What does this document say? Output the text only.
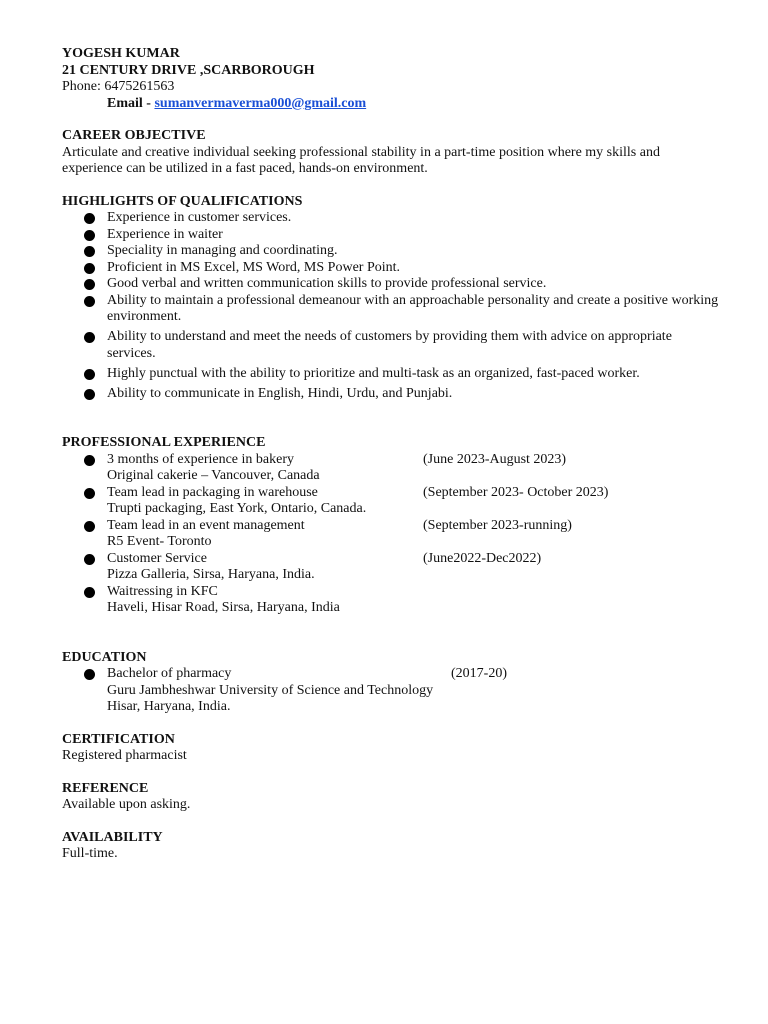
YOGESH KUMAR
21 CENTURY DRIVE ,SCARBOROUGH
Phone: 6475261563
Email - sumanvermaverma000@gmail.com
CAREER OBJECTIVE
Articulate and creative individual seeking professional stability in a part-time position where my skills and experience can be utilized in a fast paced, hands-on environment.
HIGHLIGHTS OF QUALIFICATIONS
Experience in customer services.
Experience in waiter
Speciality in managing and coordinating.
Proficient in MS Excel, MS Word, MS Power Point.
Good verbal and written communication skills to provide professional service.
Ability to maintain a professional demeanour with an approachable personality and create a positive working environment.
Ability to understand and meet the needs of customers by providing them with advice on appropriate services.
Highly punctual with the ability to prioritize and multi-task as an organized, fast-paced worker.
Ability to communicate in English, Hindi, Urdu, and Punjabi.
PROFESSIONAL EXPERIENCE
3 months of experience in bakery	(June 2023-August 2023)
Original cakerie – Vancouver, Canada
Team lead in packaging in warehouse	(September 2023- October 2023)
Trupti packaging, East York, Ontario, Canada.
Team lead in an event management	(September 2023-running)
R5 Event- Toronto
Customer Service	(June2022-Dec2022)
Pizza Galleria, Sirsa, Haryana, India.
Waitressing in KFC
Haveli, Hisar Road, Sirsa, Haryana, India
EDUCATION
Bachelor of pharmacy	(2017-20)
Guru Jambheshwar University of Science and Technology
Hisar, Haryana, India.
CERTIFICATION
Registered pharmacist
REFERENCE
Available upon asking.
AVAILABILITY
Full-time.
